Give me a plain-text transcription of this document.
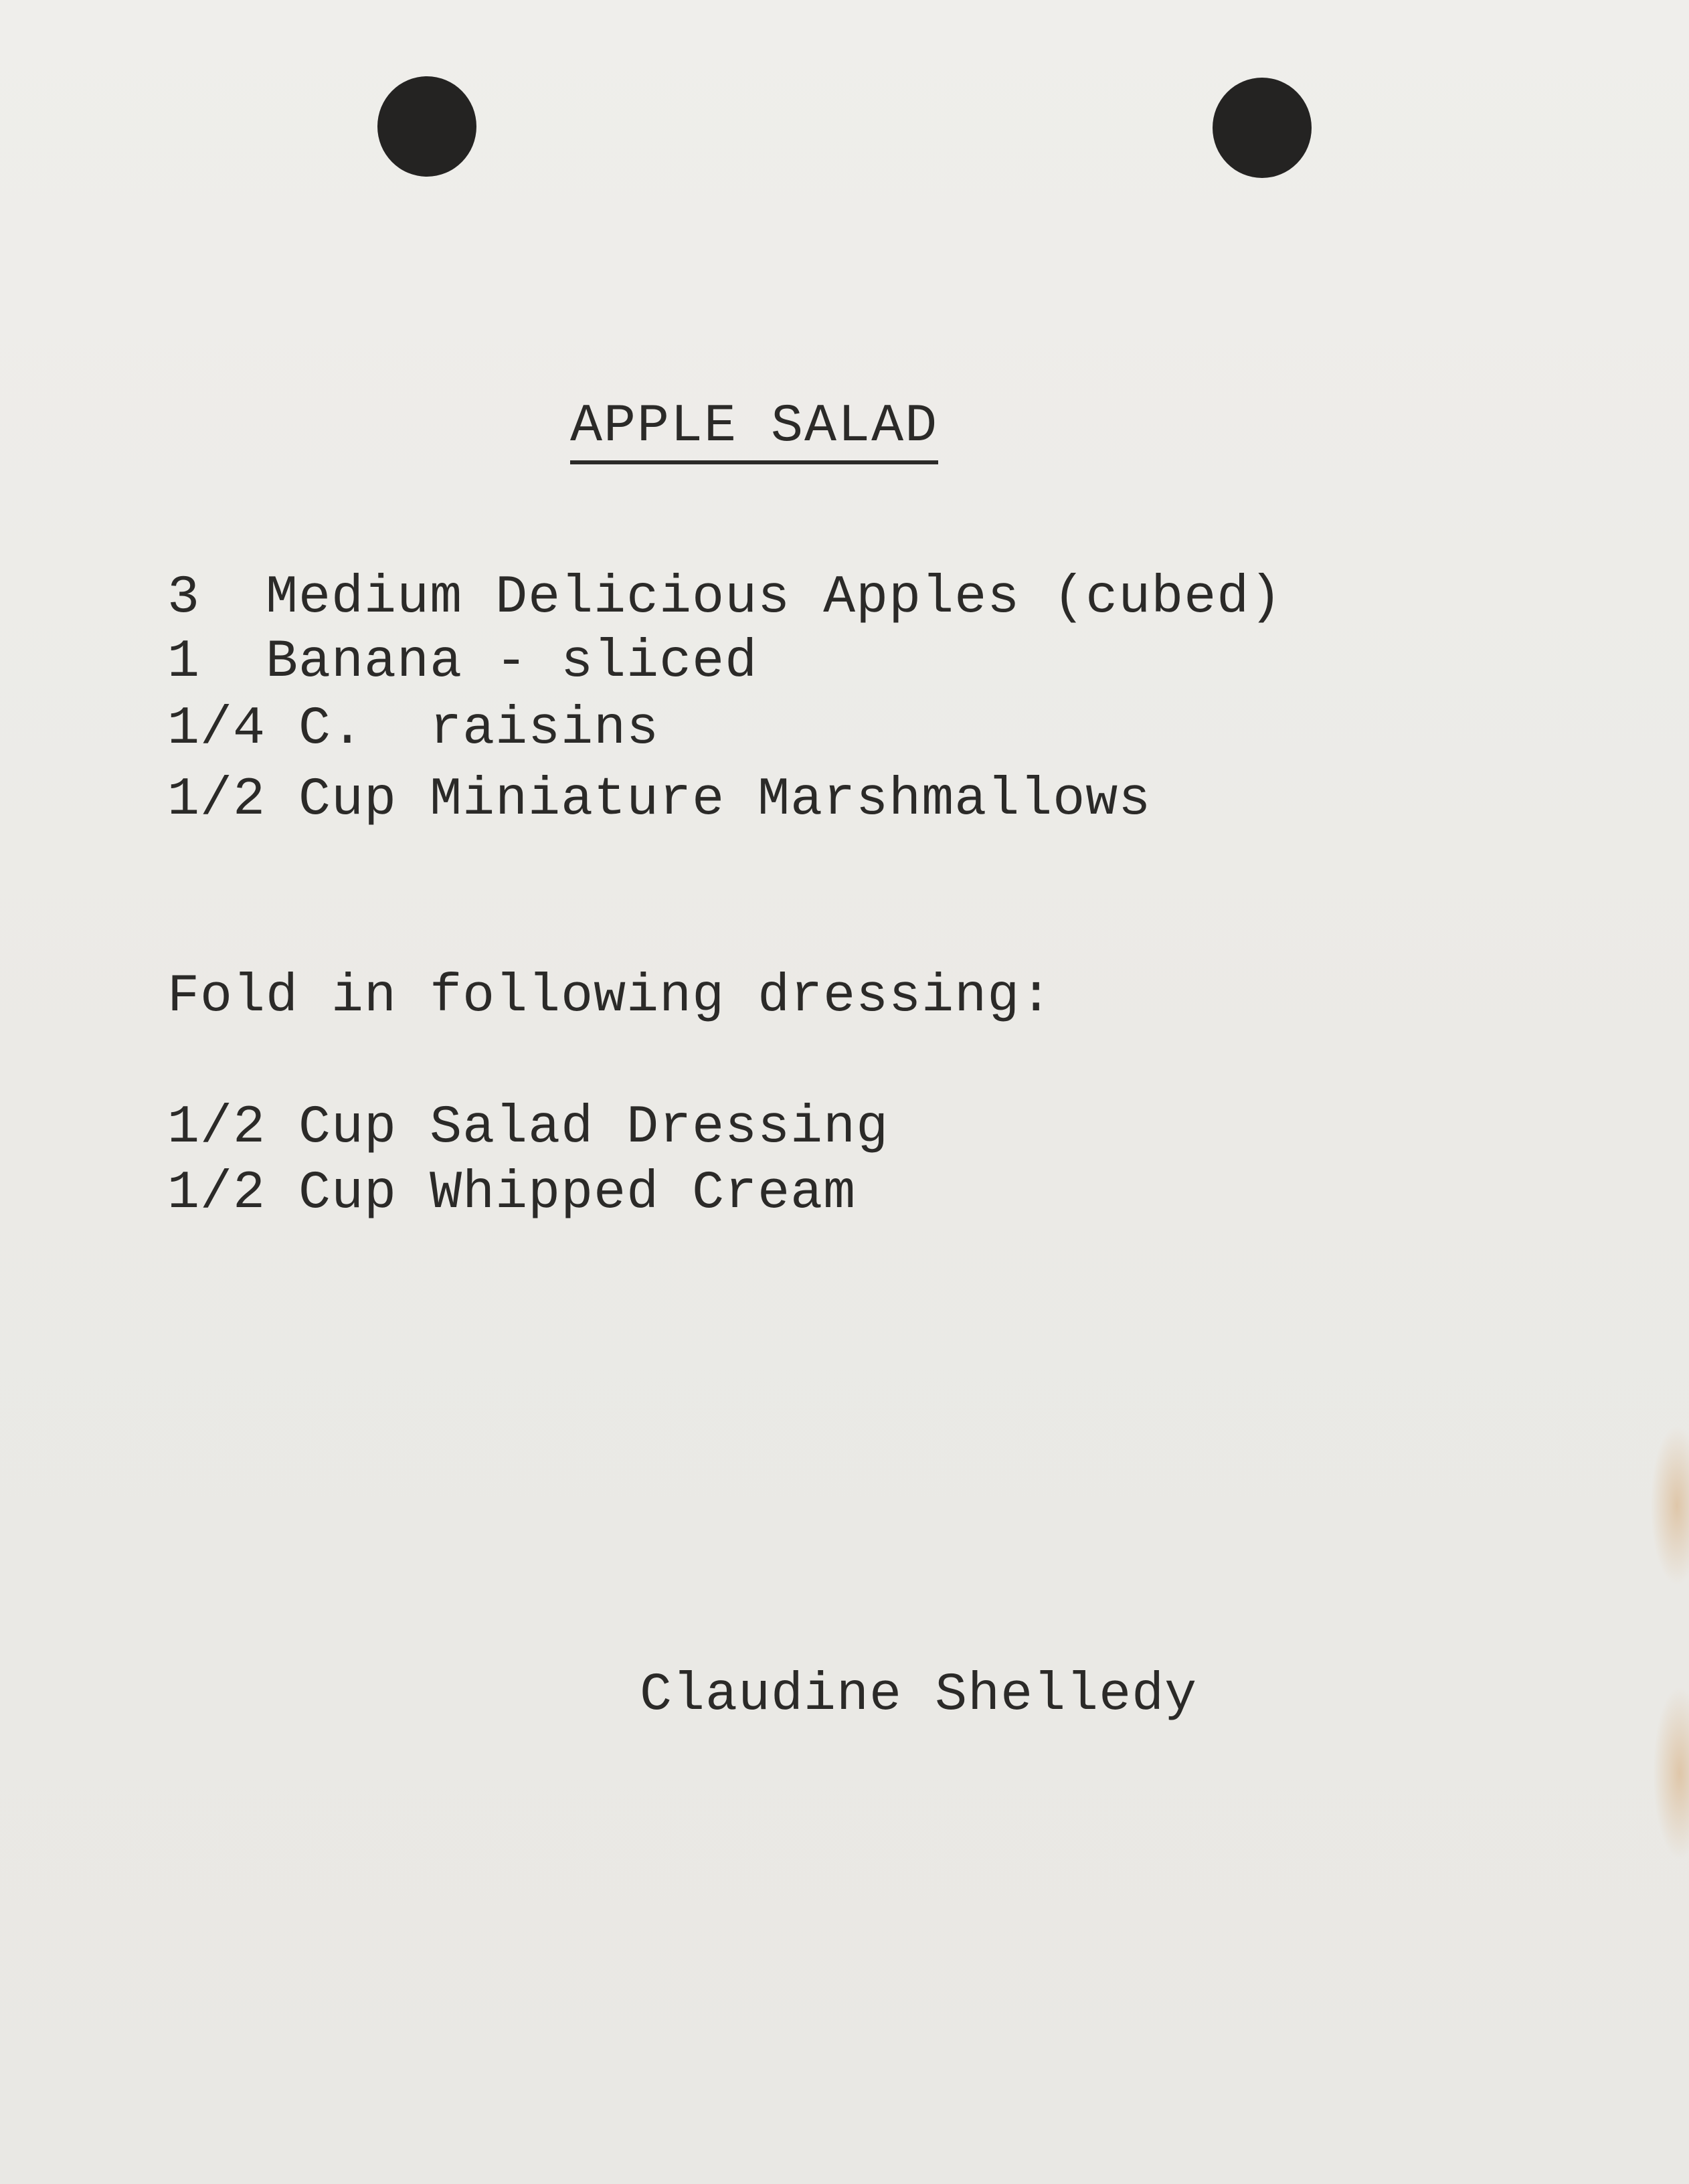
APPLE SALAD
3  Medium Delicious Apples (cubed)
1  Banana - sliced
1/4 C.  raisins
1/2 Cup Miniature Marshmallows
Fold in following dressing:
1/2 Cup Salad Dressing
1/2 Cup Whipped Cream
Claudine Shelledy
